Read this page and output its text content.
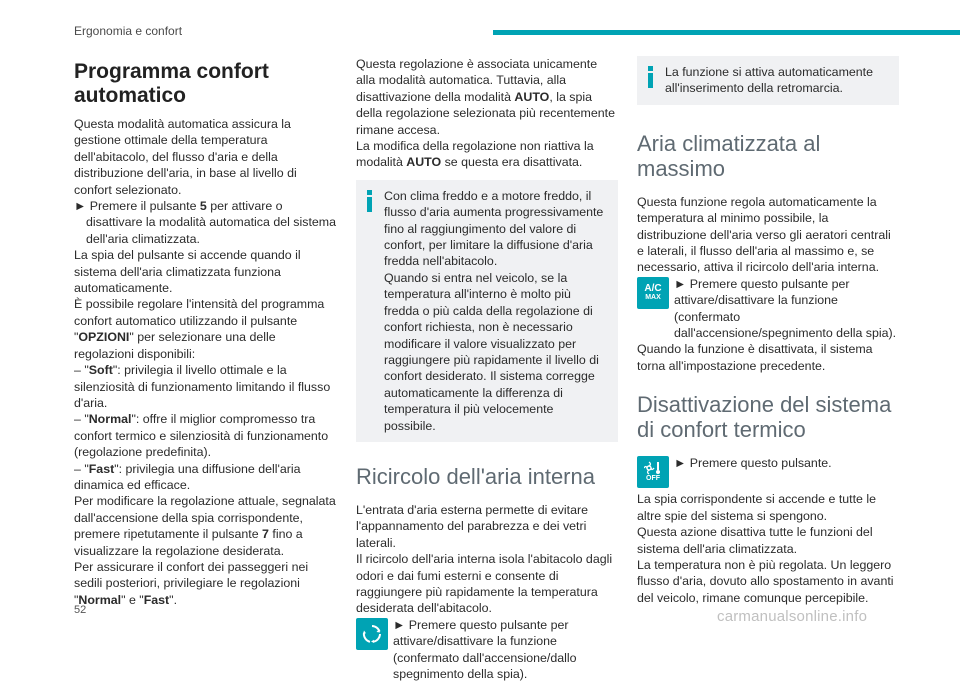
Ergonomia e confort
Programma confort automatico

Questa modalità automatica assicura la gestione ottimale della temperatura dell'abitacolo, del flusso d'aria e della distribuzione dell'aria, in base al livello di confort selezionato.

► Premere il pulsante 5 per attivare o disattivare la modalità automatica del sistema dell'aria climatizzata.

La spia del pulsante si accende quando il sistema dell'aria climatizzata funziona automaticamente.

È possibile regolare l'intensità del programma confort automatico utilizzando il pulsante "OPZIONI" per selezionare una delle regolazioni disponibili:

– "Soft": privilegia il livello ottimale e la silenziosità di funzionamento limitando il flusso d'aria.

– "Normal": offre il miglior compromesso tra confort termico e silenziosità di funzionamento (regolazione predefinita).

– "Fast": privilegia una diffusione dell'aria dinamica ed efficace.

Per modificare la regolazione attuale, segnalata dall'accensione della spia corrispondente, premere ripetutamente il pulsante 7 fino a visualizzare la regolazione desiderata.

Per assicurare il confort dei passeggeri nei sedili posteriori, privilegiare le regolazioni "Normal" e "Fast".

Questa regolazione è associata unicamente alla modalità automatica. Tuttavia, alla disattivazione della modalità AUTO, la spia della regolazione selezionata più recentemente rimane accesa.

La modifica della regolazione non riattiva la modalità AUTO se questa era disattivata.

Con clima freddo e a motore freddo, il flusso d'aria aumenta progressivamente fino al raggiungimento del valore di confort, per limitare la diffusione d'aria fredda nell'abitacolo.

Quando si entra nel veicolo, se la temperatura all'interno è molto più fredda o più calda della regolazione di confort richiesta, non è necessario modificare il valore visualizzato per raggiungere più rapidamente il livello di confort desiderato. Il sistema corregge automaticamente la differenza di temperatura il più velocemente possibile.

Ricircolo dell'aria interna

L'entrata d'aria esterna permette di evitare l'appannamento del parabrezza e dei vetri laterali.

Il ricircolo dell'aria interna isola l'abitacolo dagli odori e dai fumi esterni e consente di raggiungere più rapidamente la temperatura desiderata dell'abitacolo.

► Premere questo pulsante per attivare/disattivare la funzione (confermato dall'accensione/dallo spegnimento della spia).

La funzione si attiva automaticamente all'inserimento della retromarcia.

Aria climatizzata al massimo

Questa funzione regola automaticamente la temperatura al minimo possibile, la distribuzione dell'aria verso gli aeratori centrali e laterali, il flusso dell'aria al massimo e, se necessario, attiva il ricircolo dell'aria interna.

A/C
MAX

► Premere questo pulsante per attivare/disattivare la funzione (confermato dall'accensione/spegnimento della spia).

Quando la funzione è disattivata, il sistema torna all'impostazione precedente.

Disattivazione del sistema di confort termico
OFF

► Premere questo pulsante.

La spia corrispondente si accende e tutte le altre spie del sistema si spengono.

Questa azione disattiva tutte le funzioni del sistema dell'aria climatizzata.

La temperatura non è più regolata. Un leggero flusso d'aria, dovuto allo spostamento in avanti del veicolo, rimane comunque percepibile.

52	carmanualsonline.info
